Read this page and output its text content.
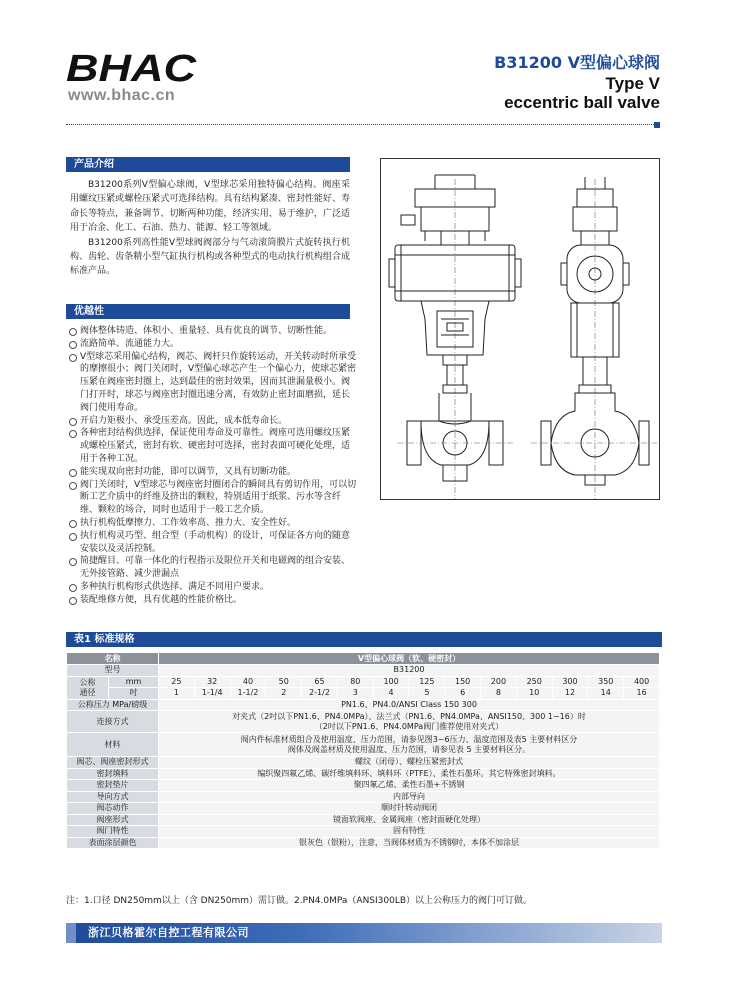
BHAC
www.bhac.cn
B31200 V型偏心球阀
Type V
eccentric ball valve
产品介绍

B31200系列V型偏心球阀，V型球芯采用独特偏心结构、阀座采用螺纹压紧或螺栓压紧式可选择结构。具有结构紧凑、密封性能好、寿命长等特点，兼备调节、切断两种功能，经济实用、易于维护，广泛适用于冶金、化工、石油、热力、能源、轻工等领域。

B31200系列高性能V型球阀阀部分与气动滚筒膜片式旋转执行机构、齿轮、齿条精小型气缸执行机构或各种型式的电动执行机构组合成标准产品。

优越性
阀体整体铸造、体积小、重量轻、具有优良的调节、切断性能。
流路简单、流通能力大。
V型球芯采用偏心结构，阀芯、阀杆只作旋转运动，开关转动时所承受的摩擦很小；阀门关闭时，V型偏心球芯产生一个偏心力，使球芯紧密压紧在阀座密封圈上，达到最佳的密封效果，因而其泄漏量极小。阀门打开时，球芯与阀座密封圈迅速分离，有效防止密封面磨损，延长阀门使用寿命。
开启力矩极小、承受压差高。因此，成本低寿命长。
各种密封结构供选择，保证使用寿命及可靠性。阀座可选用螺纹压紧或螺栓压紧式，密封有软、硬密封可选择，密封表面可硬化处理，适用于各种工况。
能实现双向密封功能，即可以调节，又具有切断功能。
阀门关闭时，V型球芯与阀座密封圈闭合的瞬间具有剪切作用，可以切断工艺介质中的纤维及挤出的颗粒，特别适用于纸浆、污水等含纤维、颗粒的场合，同时也适用于一般工艺介质。
执行机构低摩擦力、工作效率高、推力大、安全性好。
执行机构灵巧型、组合型（手动机构）的设计，可保证各方向的随意安装以及灵活控制。
简捷醒目、可靠一体化的行程指示及限位开关和电磁阀的组合安装、无外接管路、减少泄漏点
多种执行机构形式供选择、满足不同用户要求。
装配维修方便，具有优越的性能价格比。
表1 标准规格
名称		V型偏心球阀（软、硬密封）													
型号		B31200													
公称
通径	mm	25	32	40	50	65	80	100	125	150	200	250	300	350	400
	吋	1	1-1/4	1-1/2	2	2-1/2	3	4	5	6	8	10	12	14	16
公称压力 MPa/磅级		PN1.6、PN4.0/ANSI Class 150 300													
连接方式		对夹式（2吋以下PN1.6、PN4.0MPa）、法兰式（PN1.6、PN4.0MPa、ANSI150、300 1~16）时
（2吋以下PN1.6、PN4.0MPa阀门推荐使用对夹式）													

材料		阀内件标准材质组合及使用温度、压力范围，请参见图3~6压力、温度范围及表5 主要材料区分
阀体及阀盖材质及使用温度、压力范围，请参见表 5 主要材料区分。													

阀芯、阀座密封形式		螺纹（闭母）、螺栓压紧密封式													
密封填料		编织聚四氟乙烯、碳纤维填料环、填料环（PTFE）、柔性石墨环。其它特殊密封填料。													
密封垫片		聚四氟乙烯、柔性石墨+不锈钢													
导向方式		内部导向													
阀芯动作		顺时针转动阀闭													
阀座形式		镜面软阀座、金属阀座（密封面硬化处理）													
阀门特性		固有特性													
表面涂层颜色		银灰色（银粉），注意，当阀体材质为不锈钢时，本体不加涂层													
注：1.口径 DN250mm以上（含 DN250mm）需订做。2.PN4.0MPa（ANSI300LB）以上公称压力的阀门可订做。
浙江贝格霍尔自控工程有限公司
